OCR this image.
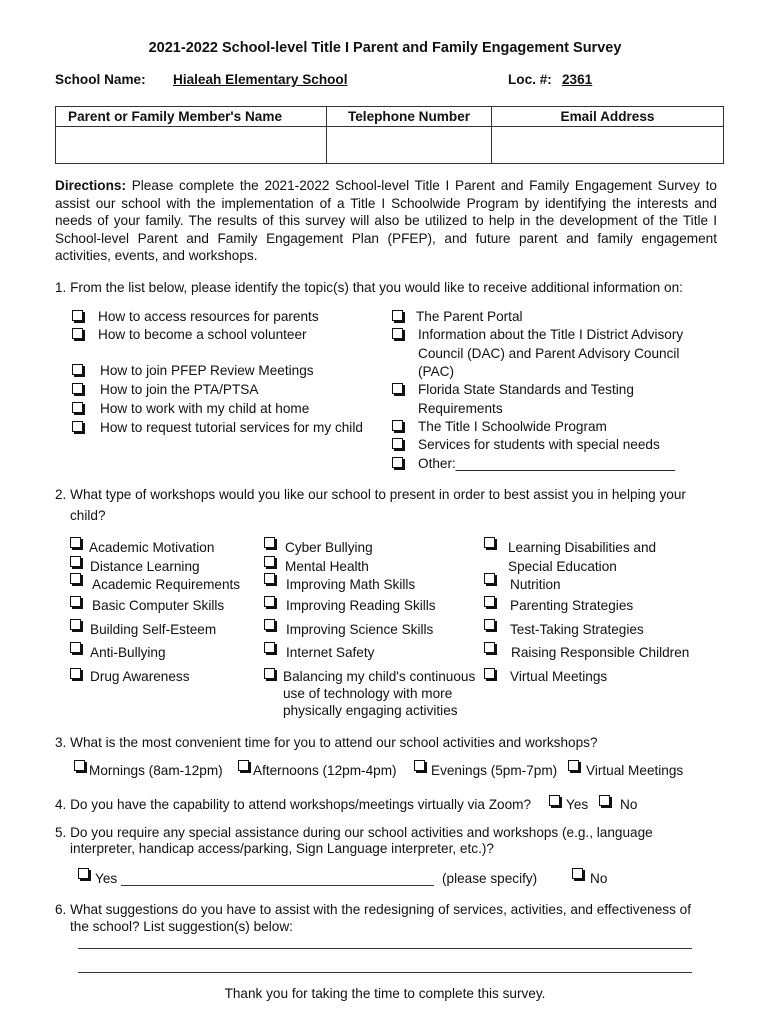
2021-2022 School-level Title I Parent and Family Engagement Survey
School Name: Hialeah Elementary School	Loc. #: 2361
Parent or Family Member's Name	Telephone Number	Email Address

Directions: Please complete the 2021-2022 School-level Title I Parent and Family Engagement Survey to assist our school with the implementation of a Title I Schoolwide Program by identifying the interests and needs of your family. The results of this survey will also be utilized to help in the development of the Title I School-level Parent and Family Engagement Plan (PFEP), and future parent and family engagement activities, events, and workshops.
1. From the list below, please identify the topic(s) that you would like to receive additional information on:
How to access resources for parents
How to become a school volunteer
How to join PFEP Review Meetings
How to join the PTA/PTSA
How to work with my child at home
How to request tutorial services for my child
The Parent Portal
Information about the Title I District Advisory
Council (DAC) and Parent Advisory Council
(PAC)
Florida State Standards and Testing
Requirements
The Title I Schoolwide Program
Services for students with special needs
Other:_____________________________
2. What type of workshops would you like our school to present in order to best assist you in helping your
child?
Academic Motivation
Distance Learning
Academic Requirements
Basic Computer Skills
Building Self-Esteem
Anti-Bullying
Drug Awareness
Cyber Bullying
Mental Health
Improving Math Skills
Improving Reading Skills
Improving Science Skills
Internet Safety
Balancing my child's continuous
use of technology with more
physically engaging activities
Learning Disabilities and
Special Education
Nutrition
Parenting Strategies
Test-Taking Strategies
Raising Responsible Children
Virtual Meetings
3. What is the most convenient time for you to attend our school activities and workshops?
Mornings (8am-12pm) Afternoons (12pm-4pm)	Evenings (5pm-7pm) Virtual Meetings
4. Do you have the capability to attend workshops/meetings virtually via Zoom?	Yes No
5. Do you require any special assistance during our school activities and workshops (e.g., language
interpreter, handicap access/parking, Sign Language interpreter, etc.)?
Yes	(please specify)	No
6. What suggestions do you have to assist with the redesigning of services, activities, and effectiveness of
the school? List suggestion(s) below:
Thank you for taking the time to complete this survey.
